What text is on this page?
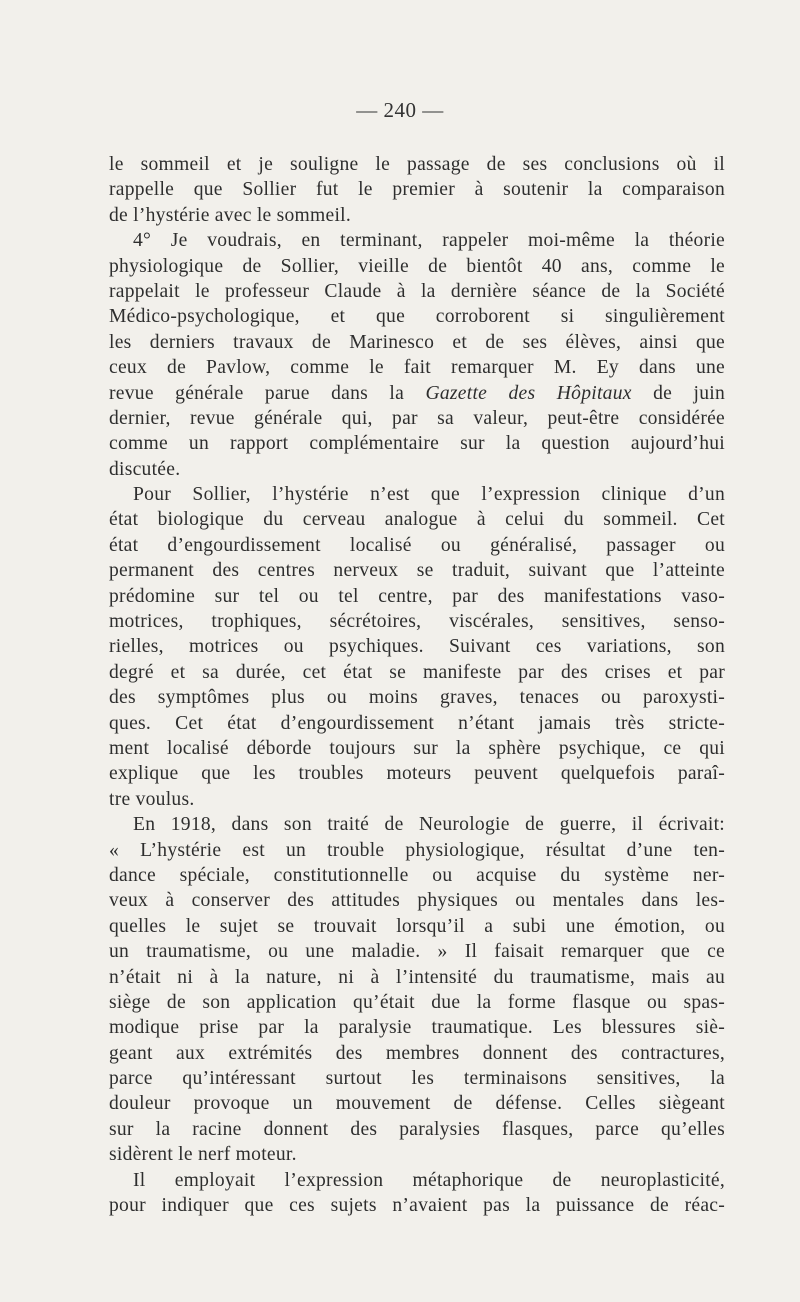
— 240 —
le sommeil et je souligne le passage de ses conclusions où il
rappelle que Sollier fut le premier à soutenir la comparaison
de l’hystérie avec le sommeil.
4° Je voudrais, en terminant, rappeler moi-même la théorie
physiologique de Sollier, vieille de bientôt 40 ans, comme le
rappelait le professeur Claude à la dernière séance de la Société
Médico-psychologique, et que corroborent si singulièrement
les derniers travaux de Marinesco et de ses élèves, ainsi que
ceux de Pavlow, comme le fait remarquer M. Ey dans une
revue générale parue dans la Gazette des Hôpitaux de juin
dernier, revue générale qui, par sa valeur, peut-être considérée
comme un rapport complémentaire sur la question aujourd’hui
discutée.
Pour Sollier, l’hystérie n’est que l’expression clinique d’un
état biologique du cerveau analogue à celui du sommeil. Cet
état d’engourdissement localisé ou généralisé, passager ou
permanent des centres nerveux se traduit, suivant que l’atteinte
prédomine sur tel ou tel centre, par des manifestations vaso-
motrices, trophiques, sécrétoires, viscérales, sensitives, senso-
rielles, motrices ou psychiques. Suivant ces variations, son
degré et sa durée, cet état se manifeste par des crises et par
des symptômes plus ou moins graves, tenaces ou paroxysti-
ques. Cet état d’engourdissement n’étant jamais très stricte-
ment localisé déborde toujours sur la sphère psychique, ce qui
explique que les troubles moteurs peuvent quelquefois paraî-
tre voulus.
En 1918, dans son traité de Neurologie de guerre, il écrivait:
« L’hystérie est un trouble physiologique, résultat d’une ten-
dance spéciale, constitutionnelle ou acquise du système ner-
veux à conserver des attitudes physiques ou mentales dans les-
quelles le sujet se trouvait lorsqu’il a subi une émotion, ou
un traumatisme, ou une maladie. » Il faisait remarquer que ce
n’était ni à la nature, ni à l’intensité du traumatisme, mais au
siège de son application qu’était due la forme flasque ou spas-
modique prise par la paralysie traumatique. Les blessures siè-
geant aux extrémités des membres donnent des contractures,
parce qu’intéressant surtout les terminaisons sensitives, la
douleur provoque un mouvement de défense. Celles siègeant
sur la racine donnent des paralysies flasques, parce qu’elles
sidèrent le nerf moteur.
Il employait l’expression métaphorique de neuroplasticité,
pour indiquer que ces sujets n’avaient pas la puissance de réac-
